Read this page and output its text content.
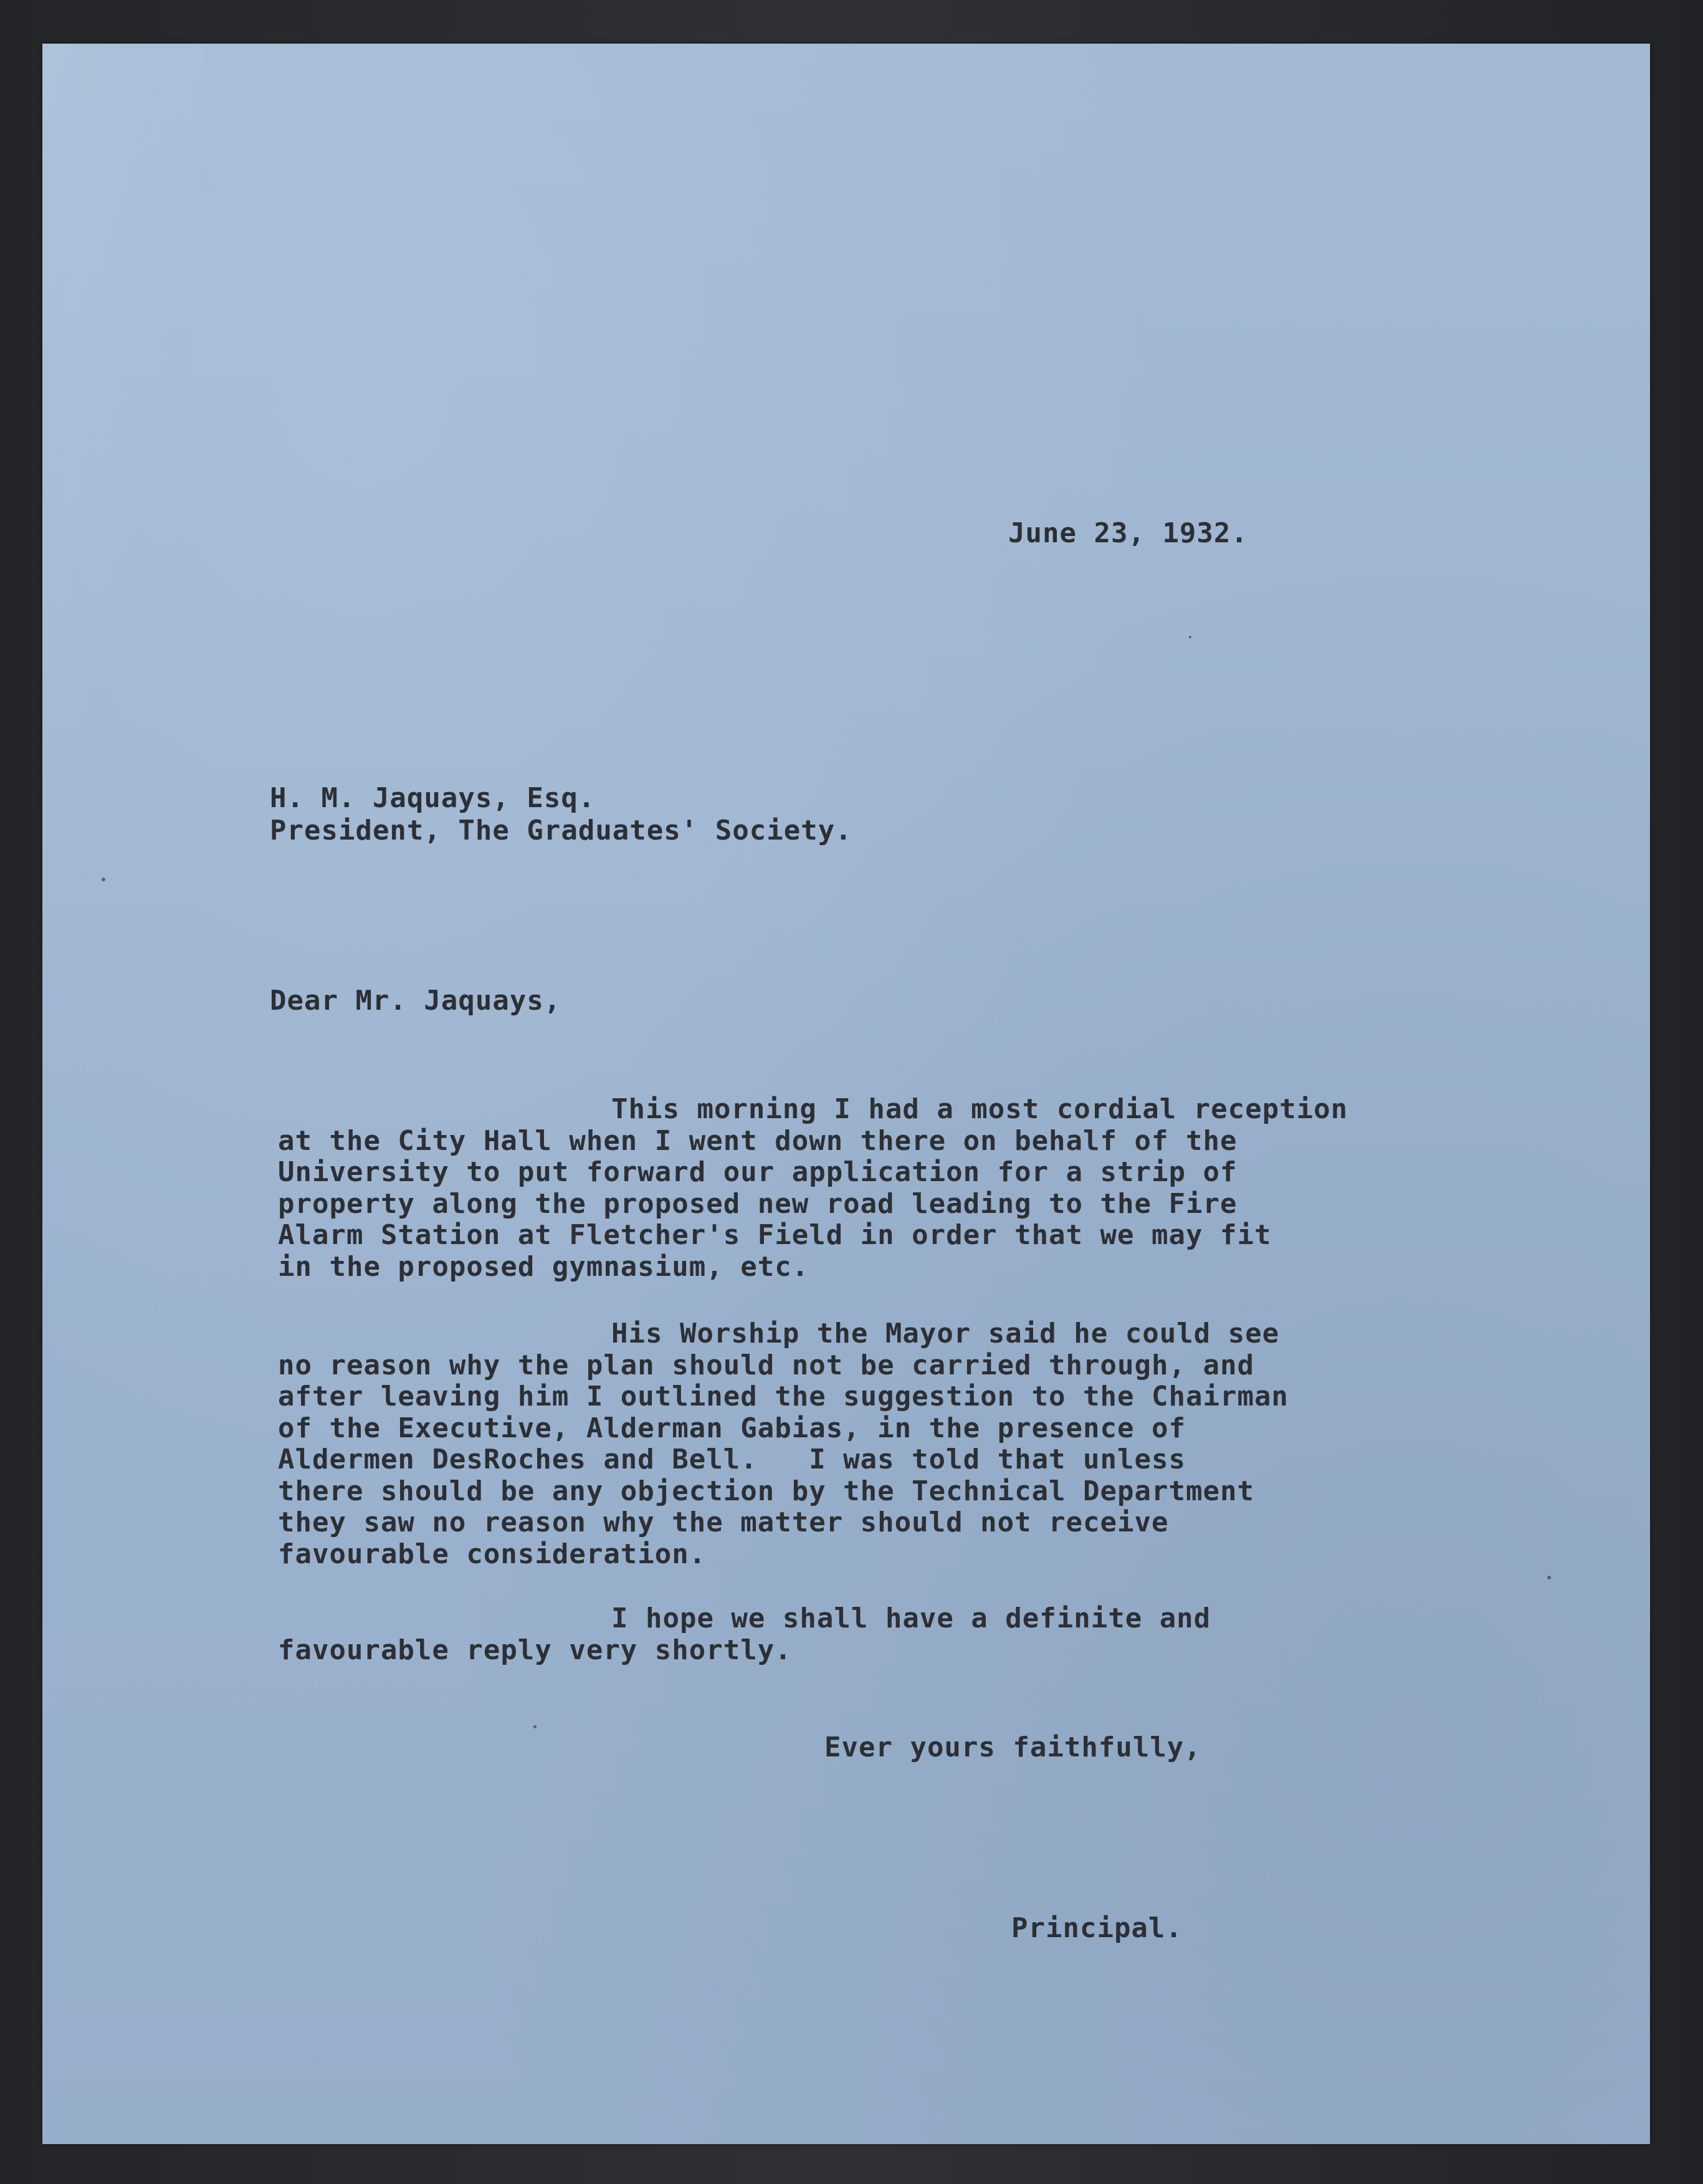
June 23, 1932.

H. M. Jaquays, Esq.

President, The Graduates' Society.

Dear Mr. Jaquays,

This morning I had a most cordial reception
at the City Hall when I went down there on behalf of the
University to put forward our application for a strip of
property along the proposed new road leading to the Fire
Alarm Station at Fletcher's Field in order that we may fit
in the proposed gymnasium, etc.
His Worship the Mayor said he could see
no reason why the plan should not be carried through, and
after leaving him I outlined the suggestion to the Chairman
of the Executive, Alderman Gabias, in the presence of
Aldermen DesRoches and Bell.   I was told that unless
there should be any objection by the Technical Department
they saw no reason why the matter should not receive
favourable consideration.
I hope we shall have a definite and
favourable reply very shortly.

Ever yours faithfully,

Principal.
